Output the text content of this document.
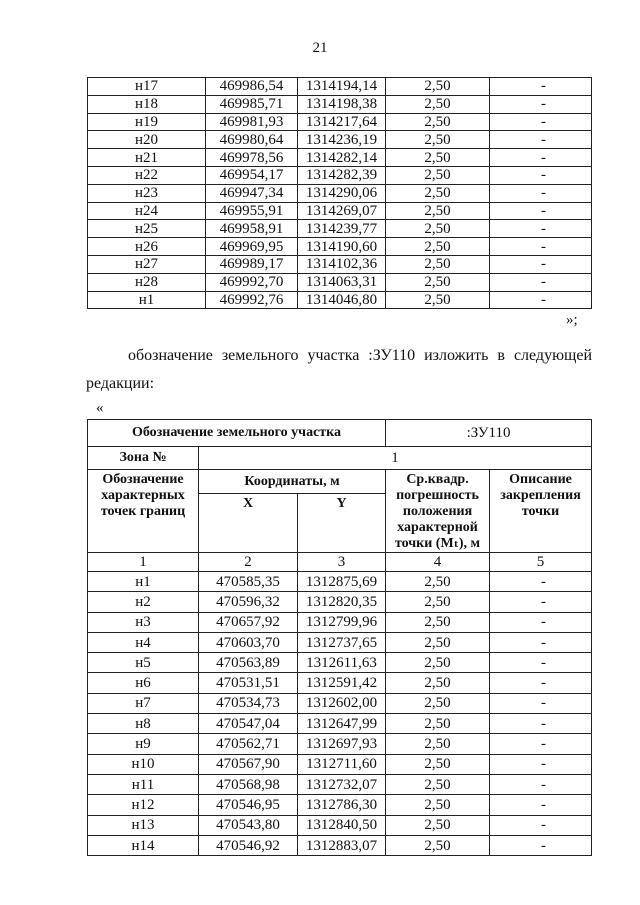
21
н17	469986,54	1314194,14	2,50	-
н18	469985,71	1314198,38	2,50	-
н19	469981,93	1314217,64	2,50	-
н20	469980,64	1314236,19	2,50	-
н21	469978,56	1314282,14	2,50	-
н22	469954,17	1314282,39	2,50	-
н23	469947,34	1314290,06	2,50	-
н24	469955,91	1314269,07	2,50	-
н25	469958,91	1314239,77	2,50	-
н26	469969,95	1314190,60	2,50	-
н27	469989,17	1314102,36	2,50	-
н28	469992,70	1314063,31	2,50	-
н1	469992,76	1314046,80	2,50	-
»;
обозначение земельного участка :ЗУ110 изложить в следующей редакции:
«
Обозначение земельного участка			:ЗУ110	
Зона №	1			
Обозначение характерных точек границ	Координаты, м		Ср.квадр. погрешность положения характерной точки (Mₜ), м	Описание закрепления точки
	X	Y		
1	2	3	4	5
н1	470585,35	1312875,69	2,50	-
н2	470596,32	1312820,35	2,50	-
н3	470657,92	1312799,96	2,50	-
н4	470603,70	1312737,65	2,50	-
н5	470563,89	1312611,63	2,50	-
н6	470531,51	1312591,42	2,50	-
н7	470534,73	1312602,00	2,50	-
н8	470547,04	1312647,99	2,50	-
н9	470562,71	1312697,93	2,50	-
н10	470567,90	1312711,60	2,50	-
н11	470568,98	1312732,07	2,50	-
н12	470546,95	1312786,30	2,50	-
н13	470543,80	1312840,50	2,50	-
н14	470546,92	1312883,07	2,50	-
